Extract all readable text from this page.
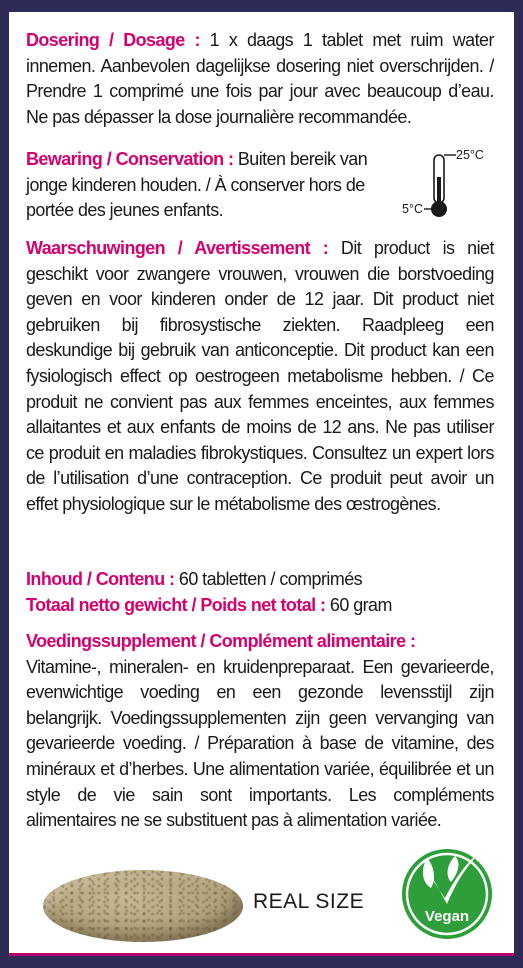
Dosering / Dosage : 1 x daags 1 tablet met ruim water innemen. Aanbevolen dagelijkse dosering niet overschrijden. / Prendre 1 comprimé une fois par jour avec beaucoup d’eau. Ne pas dépasser la dose journalière recommandée.
Bewaring / Conservation : Buiten bereik van jonge kinderen houden. / À conserver hors de portée des jeunes enfants.
25°C
5°C
Waarschuwingen / Avertissement : Dit product is niet geschikt voor zwangere vrouwen, vrouwen die borstvoeding geven en voor kinderen onder de 12 jaar. Dit product niet gebruiken bij fibrosystische ziekten. Raadpleeg een deskundige bij gebruik van anticonceptie. Dit product kan een fysiologisch effect op oestrogeen metabolisme hebben. / Ce produit ne convient pas aux femmes enceintes, aux femmes allaitantes et aux enfants de moins de 12 ans. Ne pas utiliser ce produit en maladies fibrokystiques. Consultez un expert lors de l’utilisation d’une contraception. Ce produit peut avoir un effet physiologique sur le métabolisme des œstrogènes.
Inhoud / Contenu : 60 tabletten / comprimés
Totaal netto gewicht / Poids net total : 60 gram
Voedingssupplement / Complément alimentaire :
Vitamine-, mineralen- en kruidenpreparaat. Een gevarieerde, evenwichtige voeding en een gezonde levensstijl zijn belangrijk. Voedingssupplementen zijn geen vervanging van gevarieerde voeding. / Préparation à base de vitamine, des minéraux et d’herbes. Une alimentation variée, équilibrée et un style de vie sain sont importants. Les compléments alimentaires ne se substituent pas à alimentation variée.
REAL SIZE
Vegan
